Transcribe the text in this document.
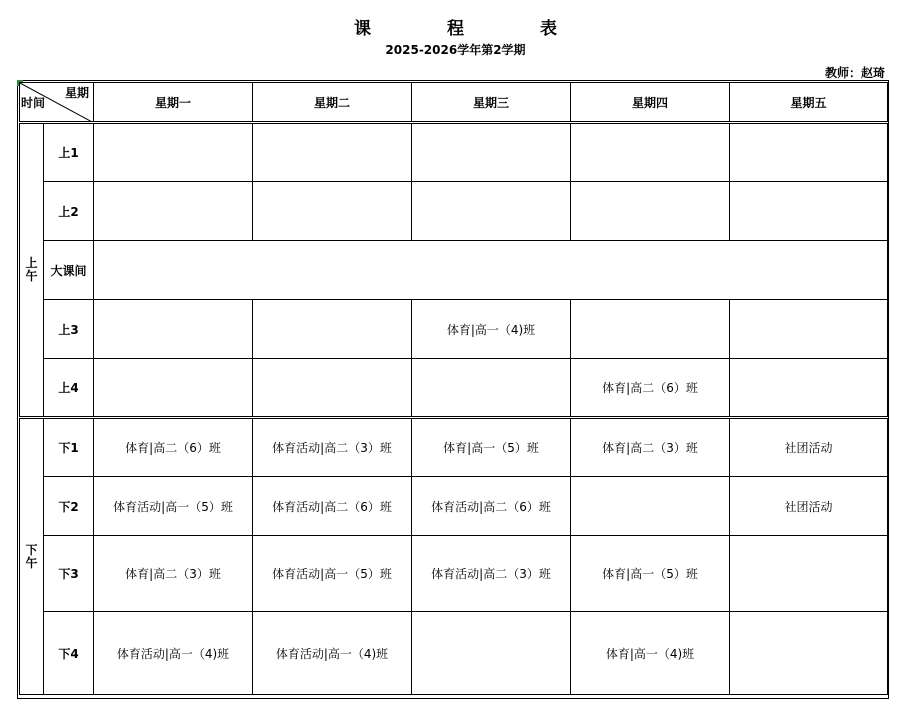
课	程	表
2025-2026学年第2学期
教师：赵琦
星期
时间		星期一	星期二	星期三	星期四	星期五
上
午	上1					
	上2					
	大课间					
	上3			体育|高一（4)班		
	上4				体育|高二（6）班	
下
午	下1	体育|高二（6）班	体育活动|高二（3）班	体育|高一（5）班	体育|高二（3）班	社团活动
	下2	体育活动|高一（5）班	体育活动|高二（6）班	体育活动|高二（6）班		社团活动
	下3	体育|高二（3）班	体育活动|高一（5）班	体育活动|高二（3）班	体育|高一（5）班	
	下4	体育活动|高一（4)班	体育活动|高一（4)班		体育|高一（4)班	
